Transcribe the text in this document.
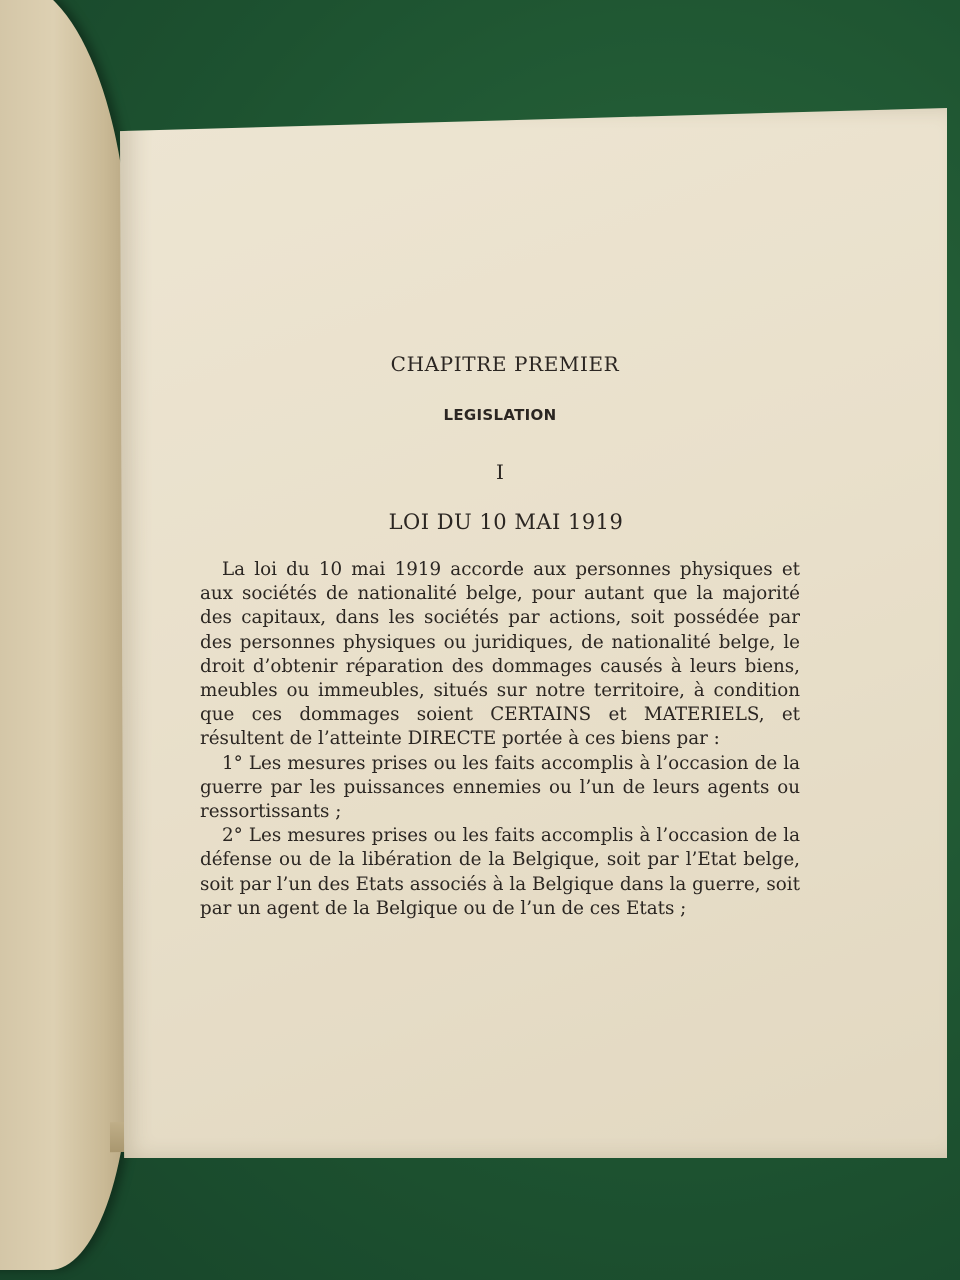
CHAPITRE PREMIER
LEGISLATION
I
LOI DU 10 MAI 1919

La loi du 10 mai 1919 accorde aux personnes physiques et aux sociétés de nationalité belge, pour autant que la majorité des capitaux, dans les sociétés par actions, soit possédée par des personnes physiques ou juridiques, de nationalité belge, le droit d’obtenir réparation des dommages causés à leurs biens, meubles ou immeubles, situés sur notre territoire, à condition que ces dommages soient CERTAINS et MATERIELS, et résultent de l’atteinte DIRECTE portée à ces biens par :

1° Les mesures prises ou les faits accomplis à l’occasion de la guerre par les puissances ennemies ou l’un de leurs agents ou ressortissants ;

2° Les mesures prises ou les faits accomplis à l’occasion de la défense ou de la libération de la Belgique, soit par l’Etat belge, soit par l’un des Etats associés à la Belgique dans la guerre, soit par un agent de la Belgique ou de l’un de ces Etats ;
